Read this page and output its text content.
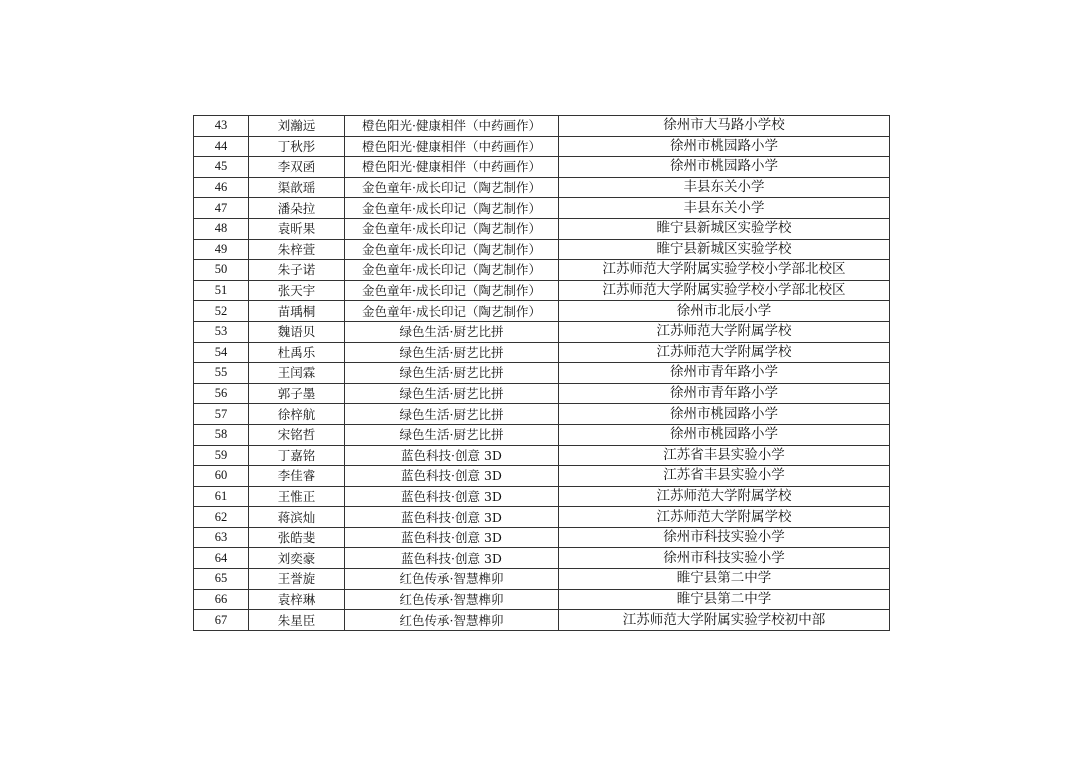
43	刘瀚远	橙色阳光·健康相伴（中药画作）	徐州市大马路小学校
44	丁秋彤	橙色阳光·健康相伴（中药画作）	徐州市桃园路小学
45	李双函	橙色阳光·健康相伴（中药画作）	徐州市桃园路小学
46	渠歆瑶	金色童年·成长印记（陶艺制作）	丰县东关小学
47	潘朵拉	金色童年·成长印记（陶艺制作）	丰县东关小学
48	袁昕果	金色童年·成长印记（陶艺制作）	睢宁县新城区实验学校
49	朱梓萱	金色童年·成长印记（陶艺制作）	睢宁县新城区实验学校
50	朱子诺	金色童年·成长印记（陶艺制作）	江苏师范大学附属实验学校小学部北校区
51	张天宇	金色童年·成长印记（陶艺制作）	江苏师范大学附属实验学校小学部北校区
52	苗瑀桐	金色童年·成长印记（陶艺制作）	徐州市北辰小学
53	魏语贝	绿色生活·厨艺比拼	江苏师范大学附属学校
54	杜禹乐	绿色生活·厨艺比拼	江苏师范大学附属学校
55	王闰霖	绿色生活·厨艺比拼	徐州市青年路小学
56	郭子墨	绿色生活·厨艺比拼	徐州市青年路小学
57	徐梓航	绿色生活·厨艺比拼	徐州市桃园路小学
58	宋铭哲	绿色生活·厨艺比拼	徐州市桃园路小学
59	丁嘉铭	蓝色科技·创意 3D	江苏省丰县实验小学
60	李佳睿	蓝色科技·创意 3D	江苏省丰县实验小学
61	王惟正	蓝色科技·创意 3D	江苏师范大学附属学校
62	蒋滨灿	蓝色科技·创意 3D	江苏师范大学附属学校
63	张皓斐	蓝色科技·创意 3D	徐州市科技实验小学
64	刘奕豪	蓝色科技·创意 3D	徐州市科技实验小学
65	王誉旋	红色传承·智慧榫卯	睢宁县第二中学
66	袁梓琳	红色传承·智慧榫卯	睢宁县第二中学
67	朱星臣	红色传承·智慧榫卯	江苏师范大学附属实验学校初中部
